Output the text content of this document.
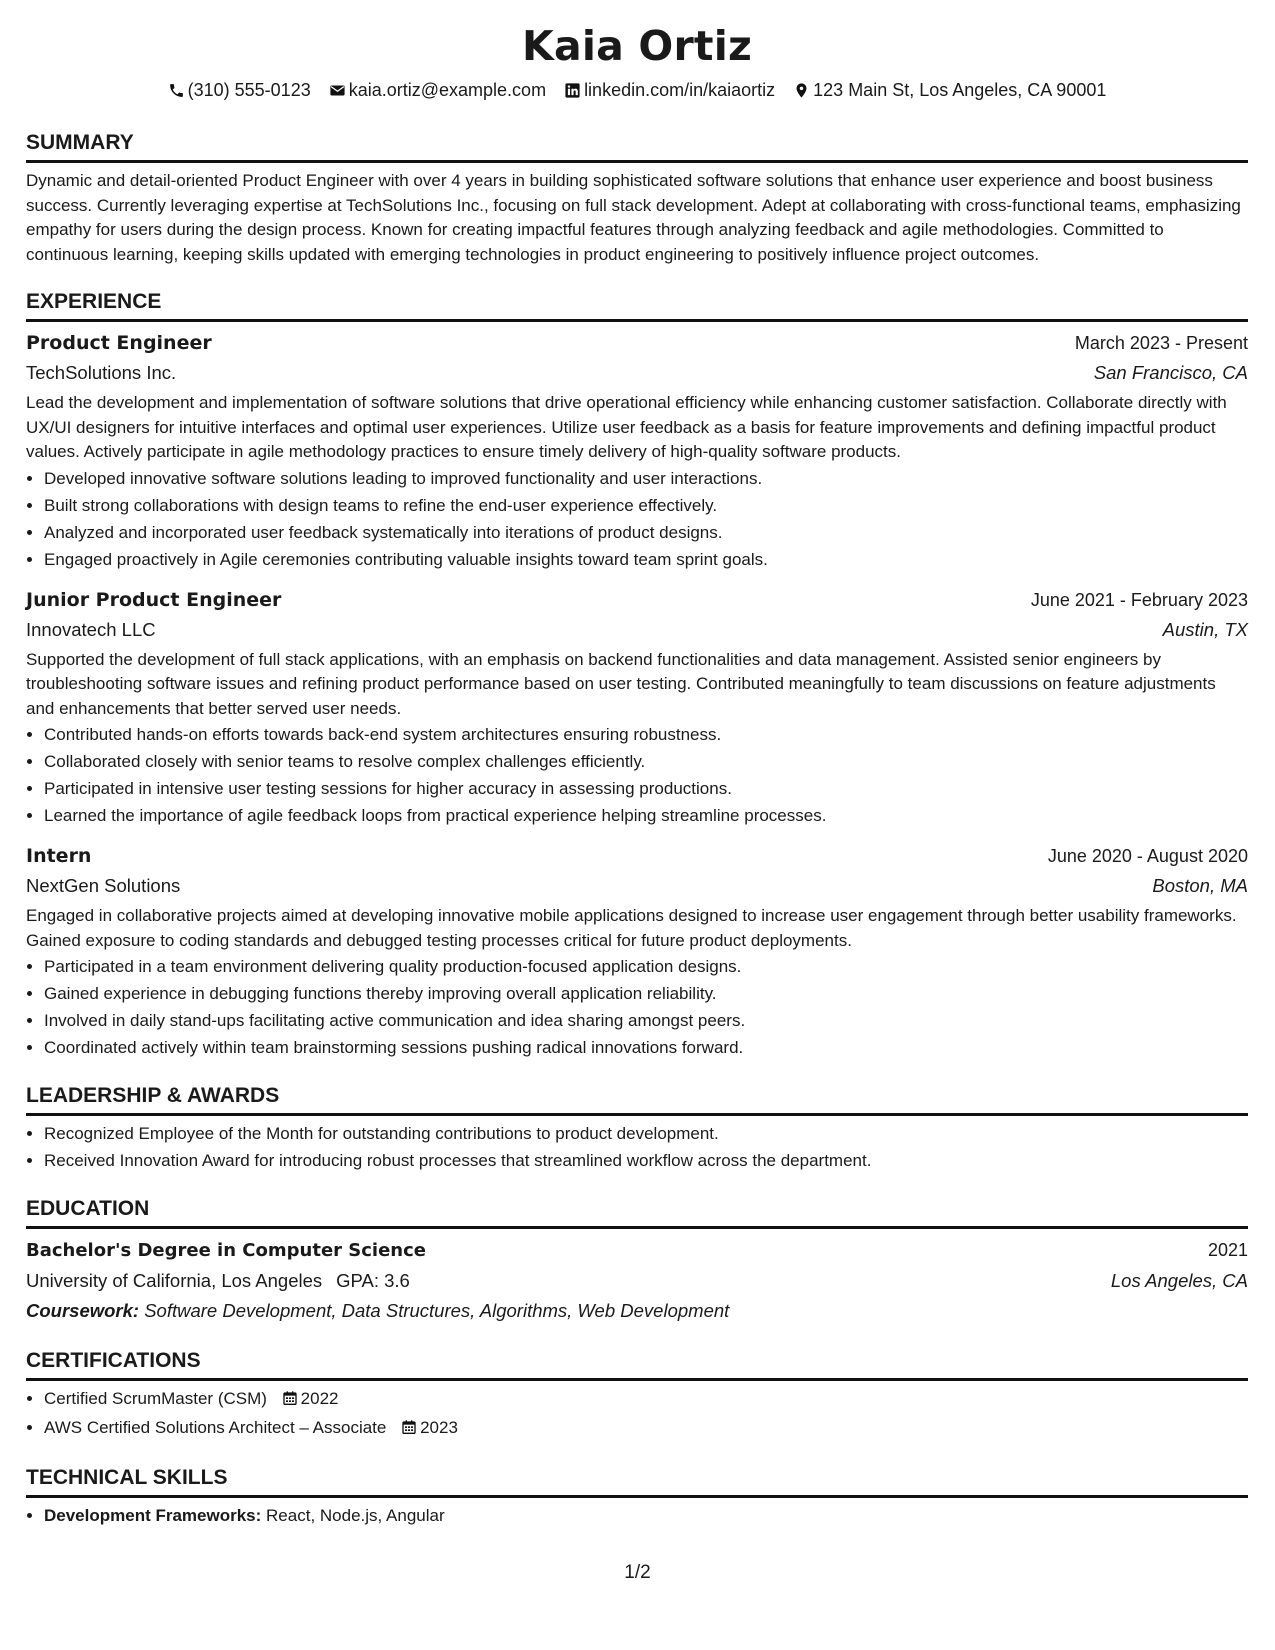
Kaia Ortiz
(310) 555-0123 kaia.ortiz@example.com linkedin.com/in/kaiaortiz 123 Main St, Los Angeles, CA 90001
SUMMARY

Dynamic and detail-oriented Product Engineer with over 4 years in building sophisticated software solutions that enhance user experience and boost business success. Currently leveraging expertise at TechSolutions Inc., focusing on full stack development. Adept at collaborating with cross-functional teams, emphasizing empathy for users during the design process. Known for creating impactful features through analyzing feedback and agile methodologies. Committed to continuous learning, keeping skills updated with emerging technologies in product engineering to positively influence project outcomes.

EXPERIENCE
Product Engineer	March 2023 - Present
TechSolutions Inc.	San Francisco, CA
Lead the development and implementation of software solutions that drive operational efficiency while enhancing customer satisfaction. Collaborate directly with UX/UI designers for intuitive interfaces and optimal user experiences. Utilize user feedback as a basis for feature improvements and defining impactful product values. Actively participate in agile methodology practices to ensure timely delivery of high-quality software products.
• Developed innovative software solutions leading to improved functionality and user interactions.
• Built strong collaborations with design teams to refine the end-user experience effectively.
• Analyzed and incorporated user feedback systematically into iterations of product designs.
• Engaged proactively in Agile ceremonies contributing valuable insights toward team sprint goals.
Junior Product Engineer	June 2021 - February 2023
Innovatech LLC	Austin, TX
Supported the development of full stack applications, with an emphasis on backend functionalities and data management. Assisted senior engineers by troubleshooting software issues and refining product performance based on user testing. Contributed meaningfully to team discussions on feature adjustments and enhancements that better served user needs.
• Contributed hands-on efforts towards back-end system architectures ensuring robustness.
• Collaborated closely with senior teams to resolve complex challenges efficiently.
• Participated in intensive user testing sessions for higher accuracy in assessing productions.
• Learned the importance of agile feedback loops from practical experience helping streamline processes.
Intern	June 2020 - August 2020
NextGen Solutions	Boston, MA
Engaged in collaborative projects aimed at developing innovative mobile applications designed to increase user engagement through better usability frameworks. Gained exposure to coding standards and debugged testing processes critical for future product deployments.
• Participated in a team environment delivering quality production-focused application designs.
• Gained experience in debugging functions thereby improving overall application reliability.
• Involved in daily stand-ups facilitating active communication and idea sharing amongst peers.
• Coordinated actively within team brainstorming sessions pushing radical innovations forward.
LEADERSHIP & AWARDS
• Recognized Employee of the Month for outstanding contributions to product development.
• Received Innovation Award for introducing robust processes that streamlined workflow across the department.
EDUCATION
Bachelor's Degree in Computer Science	2021
University of California, Los Angeles GPA: 3.6	Los Angeles, CA
Coursework: Software Development, Data Structures, Algorithms, Web Development
CERTIFICATIONS
• Certified ScrumMaster (CSM) 2022
• AWS Certified Solutions Architect – Associate 2023
TECHNICAL SKILLS
• Development Frameworks: React, Node.js, Angular
1/2
